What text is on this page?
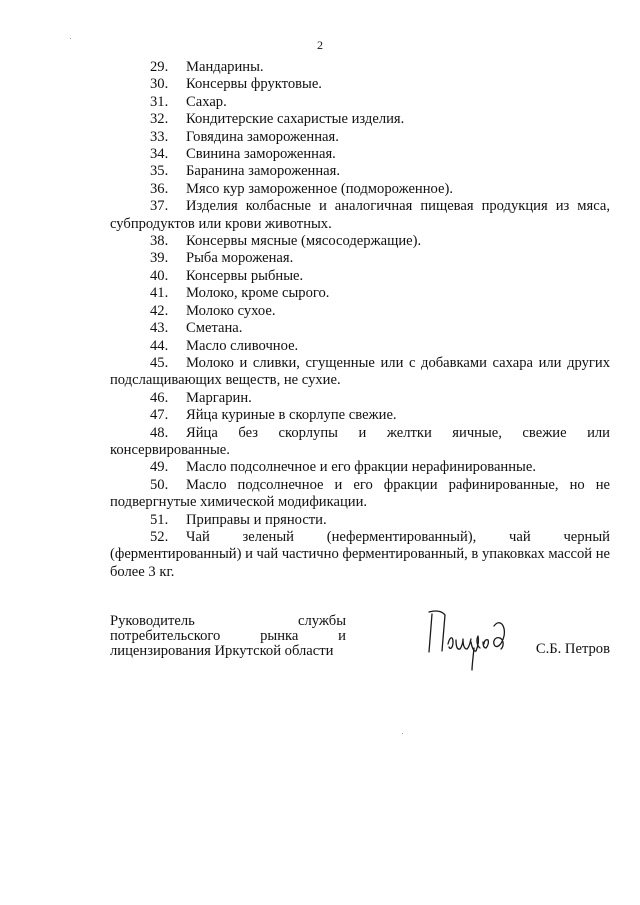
2
29. Мандарины.
30. Консервы фруктовые.
31. Сахар.
32. Кондитерские сахаристые изделия.
33. Говядина замороженная.
34. Свинина замороженная.
35. Баранина замороженная.
36. Мясо кур замороженное (подмороженное).
37. Изделия колбасные и аналогичная пищевая продукция из мяса, субпродуктов или крови животных.
38. Консервы мясные (мясосодержащие).
39. Рыба мороженая.
40. Консервы рыбные.
41. Молоко, кроме сырого.
42. Молоко сухое.
43. Сметана.
44. Масло сливочное.
45. Молоко и сливки, сгущенные или с добавками сахара или других подслащивающих веществ, не сухие.
46. Маргарин.
47. Яйца куриные в скорлупе свежие.
48. Яйца без скорлупы и желтки яичные, свежие или консервированные.
49. Масло подсолнечное и его фракции нерафинированные.
50. Масло подсолнечное и его фракции рафинированные, но не подвергнутые химической модификации.
51. Приправы и пряности.
52. Чай зеленый (неферментированный), чай черный (ферментированный) и чай частично ферментированный, в упаковках массой не более 3 кг.
Руководитель службы
потребительского рынка и
лицензирования Иркутской области	С.Б. Петров
